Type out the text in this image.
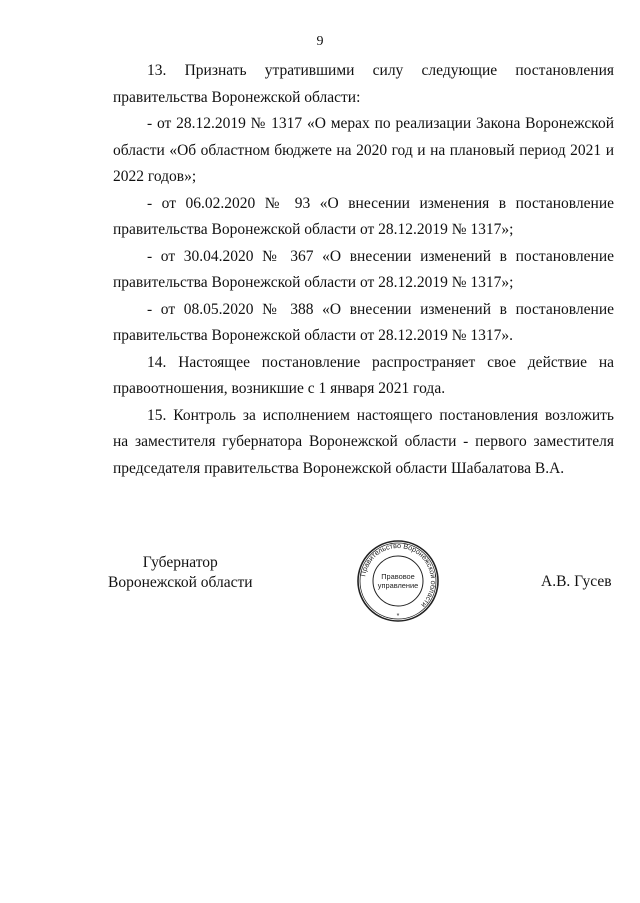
9

13. Признать утратившими силу следующие постановления правительства Воронежской области:

- от 28.12.2019 № 1317 «О мерах по реализации Закона Воронежской области «Об областном бюджете на 2020 год и на плановый период 2021 и 2022 годов»;

- от 06.02.2020 № 93 «О внесении изменения в постановление правительства Воронежской области от 28.12.2019 № 1317»;

- от 30.04.2020 № 367 «О внесении изменений в постановление правительства Воронежской области от 28.12.2019 № 1317»;

- от 08.05.2020 № 388 «О внесении изменений в постановление правительства Воронежской области от 28.12.2019 № 1317».

14. Настоящее постановление распространяет свое действие на правоотношения, возникшие с 1 января 2021 года.

15. Контроль за исполнением настоящего постановления возложить на заместителя губернатора Воронежской области - первого заместителя председателя правительства Воронежской области Шабалатова В.А.

Губернатор
Воронежской области
Правительство Воронежской области
Правовое
управление
*
А.В. Гусев
